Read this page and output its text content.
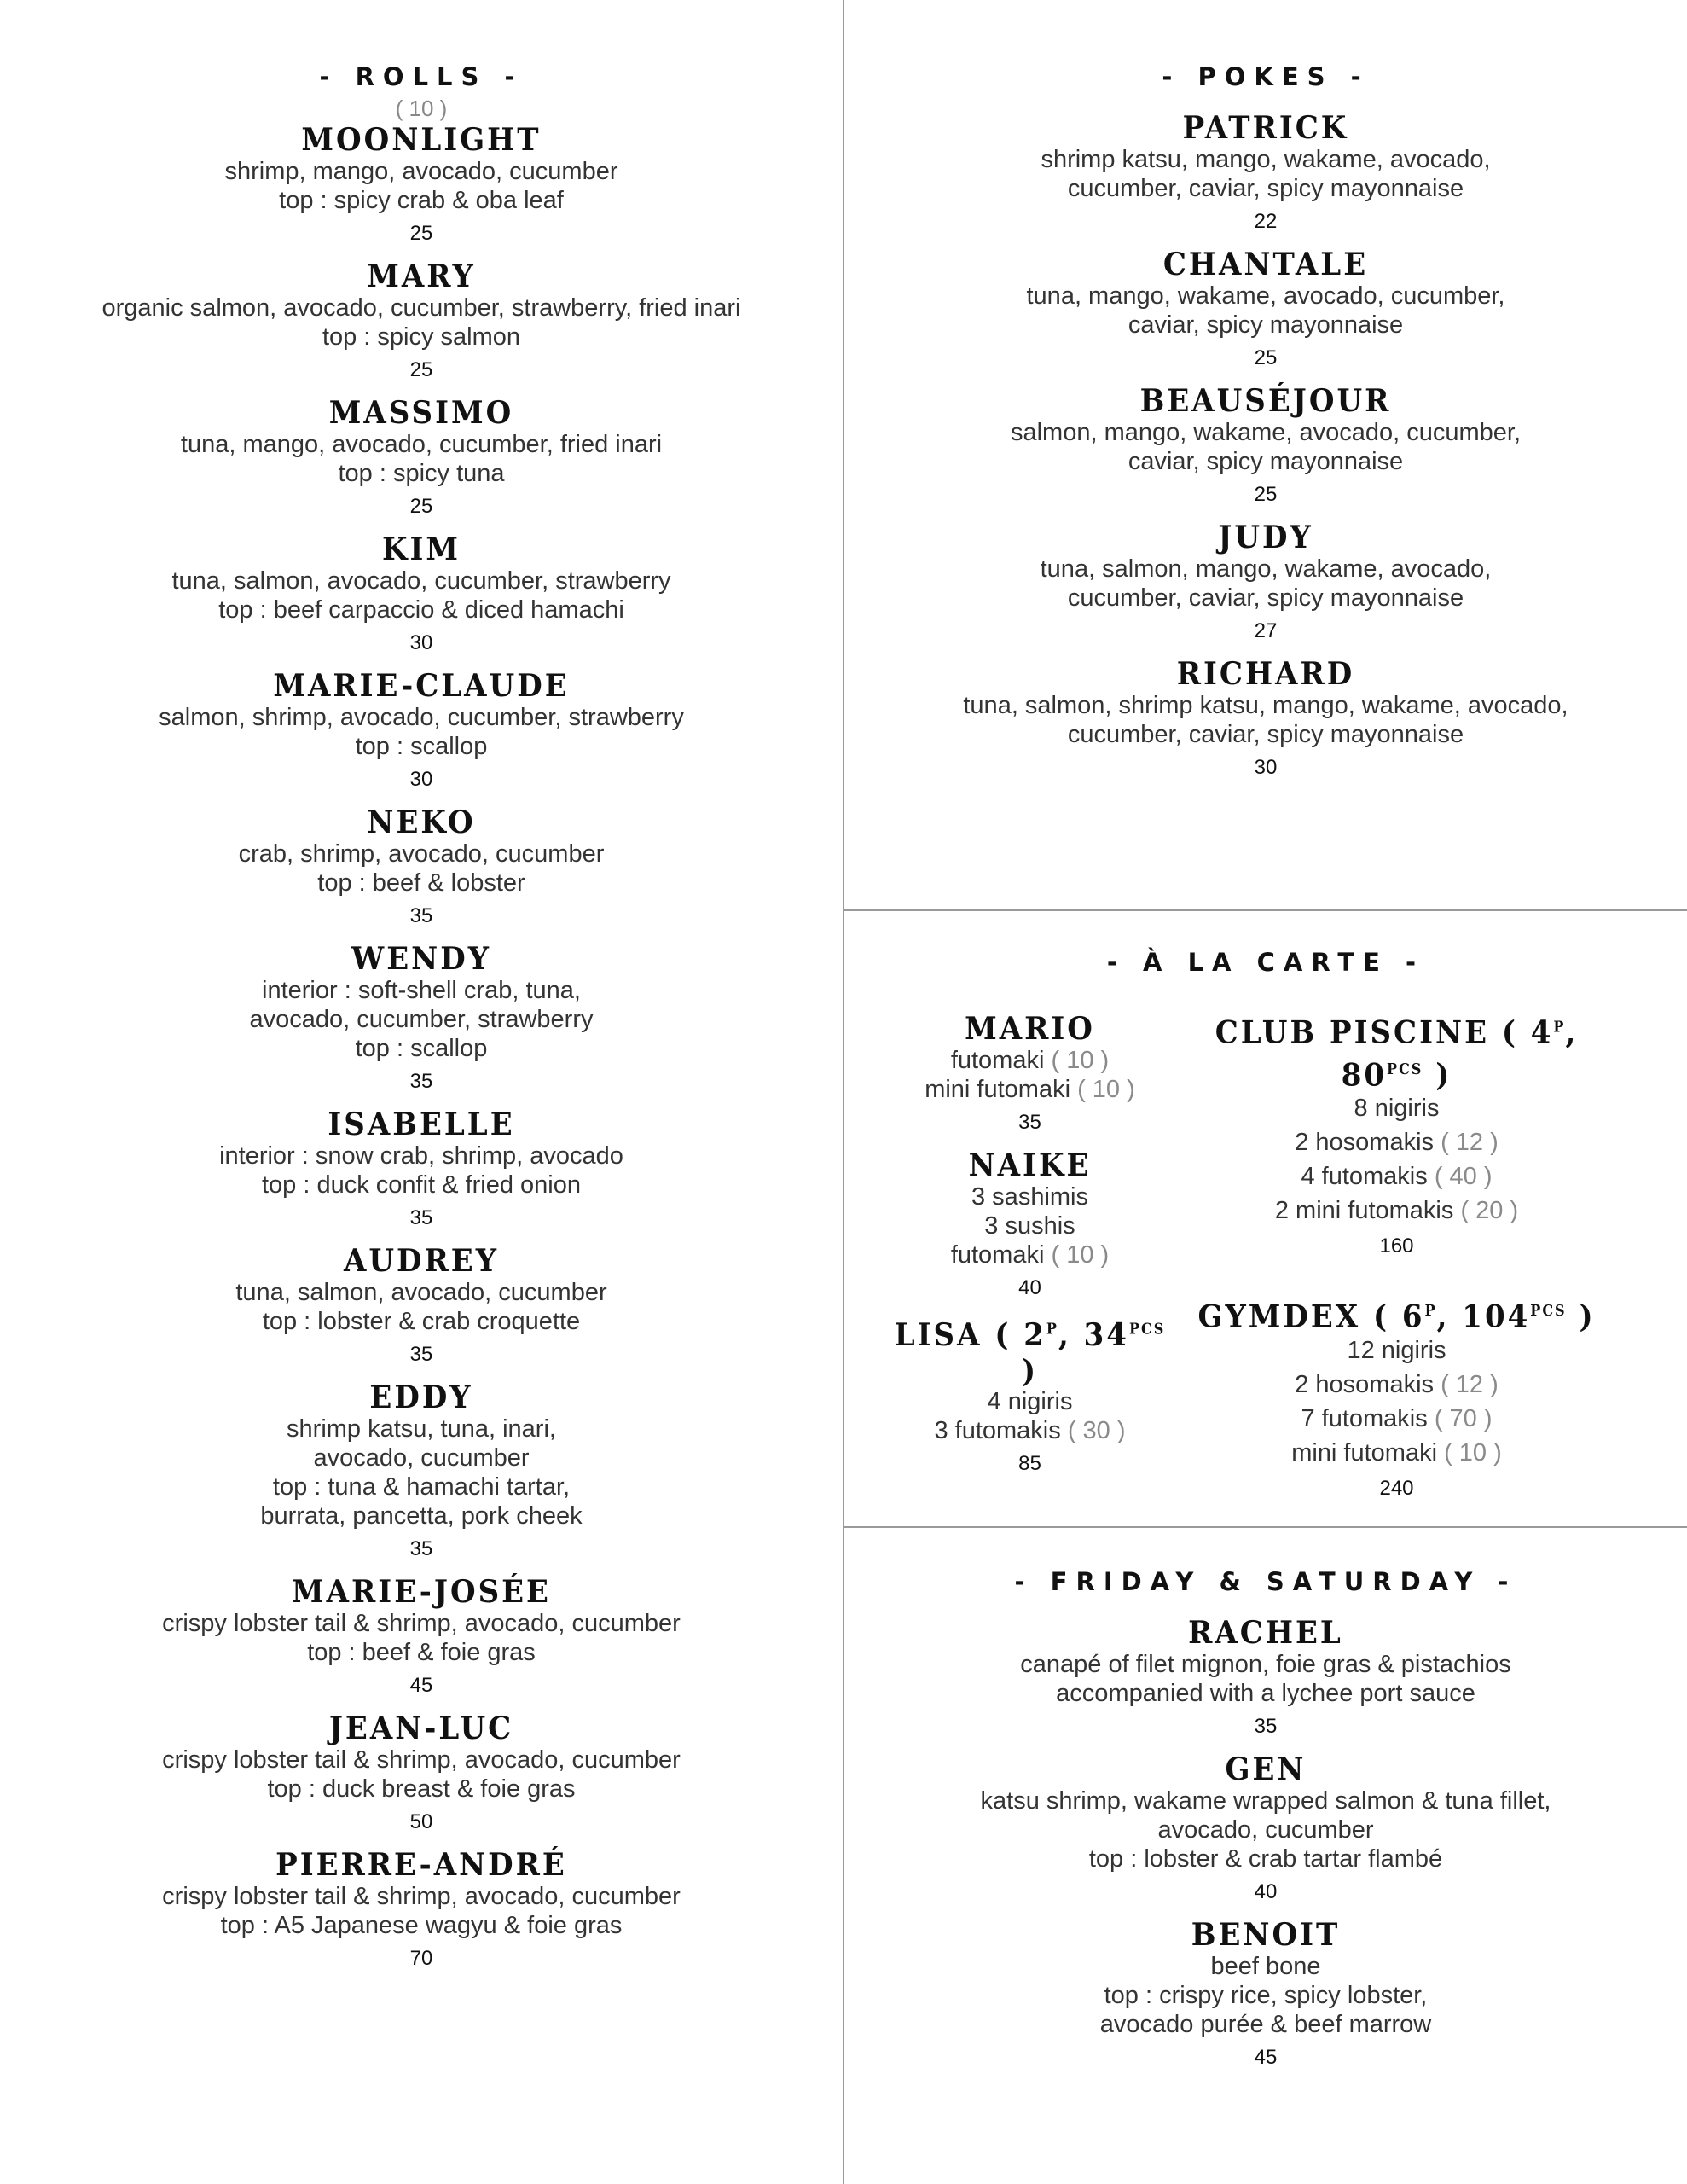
- ROLLS -
( 10 )
MOONLIGHT
shrimp, mango, avocado, cucumber
top : spicy crab & oba leaf
25
MARY
organic salmon, avocado, cucumber, strawberry, fried inari
top : spicy salmon
25
MASSIMO
tuna, mango, avocado, cucumber, fried inari
top : spicy tuna
25
KIM
tuna, salmon, avocado, cucumber, strawberry
top : beef carpaccio & diced hamachi
30
MARIE-CLAUDE
salmon, shrimp, avocado, cucumber, strawberry
top : scallop
30
NEKO
crab, shrimp, avocado, cucumber
top : beef & lobster
35
WENDY
interior : soft-shell crab, tuna,
avocado, cucumber, strawberry
top : scallop
35
ISABELLE
interior : snow crab, shrimp, avocado
top : duck confit & fried onion
35
AUDREY
tuna, salmon, avocado, cucumber
top : lobster & crab croquette
35
EDDY
shrimp katsu, tuna, inari,
avocado, cucumber
top : tuna & hamachi tartar,
burrata, pancetta, pork cheek
35
MARIE-JOSÉE
crispy lobster tail & shrimp, avocado, cucumber
top : beef & foie gras
45
JEAN-LUC
crispy lobster tail & shrimp, avocado, cucumber
top : duck breast & foie gras
50
PIERRE-ANDRÉ
crispy lobster tail & shrimp, avocado, cucumber
top : A5 Japanese wagyu & foie gras
70
- POKES -
PATRICK
shrimp katsu, mango, wakame, avocado,
cucumber, caviar, spicy mayonnaise
22
CHANTALE
tuna, mango, wakame, avocado, cucumber,
caviar, spicy mayonnaise
25
BEAUSÉJOUR
salmon, mango, wakame, avocado, cucumber,
caviar, spicy mayonnaise
25
JUDY
tuna, salmon, mango, wakame, avocado,
cucumber, caviar, spicy mayonnaise
27
RICHARD
tuna, salmon, shrimp katsu, mango, wakame, avocado,
cucumber, caviar, spicy mayonnaise
30
- À LA CARTE -
MARIO
futomaki ( 10 )
mini futomaki ( 10 )
35
NAIKE
3 sashimis
3 sushis
futomaki ( 10 )
40
LISA ( $2^P$, $34^{PCS}$ )
4 nigiris
3 futomakis ( 30 )
85
CLUB PISCINE ( $4^P$, $80^{PCS}$ )
8 nigiris
2 hosomakis ( 12 )
4 futomakis ( 40 )
2 mini futomakis ( 20 )
160
GYMDEX ( $6^P$, $104^{PCS}$ )
12 nigiris
2 hosomakis ( 12 )
7 futomakis ( 70 )
mini futomaki ( 10 )
240
- FRIDAY & SATURDAY -
RACHEL
canapé of filet mignon, foie gras & pistachios
accompanied with a lychee port sauce
35
GEN
katsu shrimp, wakame wrapped salmon & tuna fillet,
avocado, cucumber
top : lobster & crab tartar flambé
40
BENOIT
beef bone
top : crispy rice, spicy lobster,
avocado purée & beef marrow
45
